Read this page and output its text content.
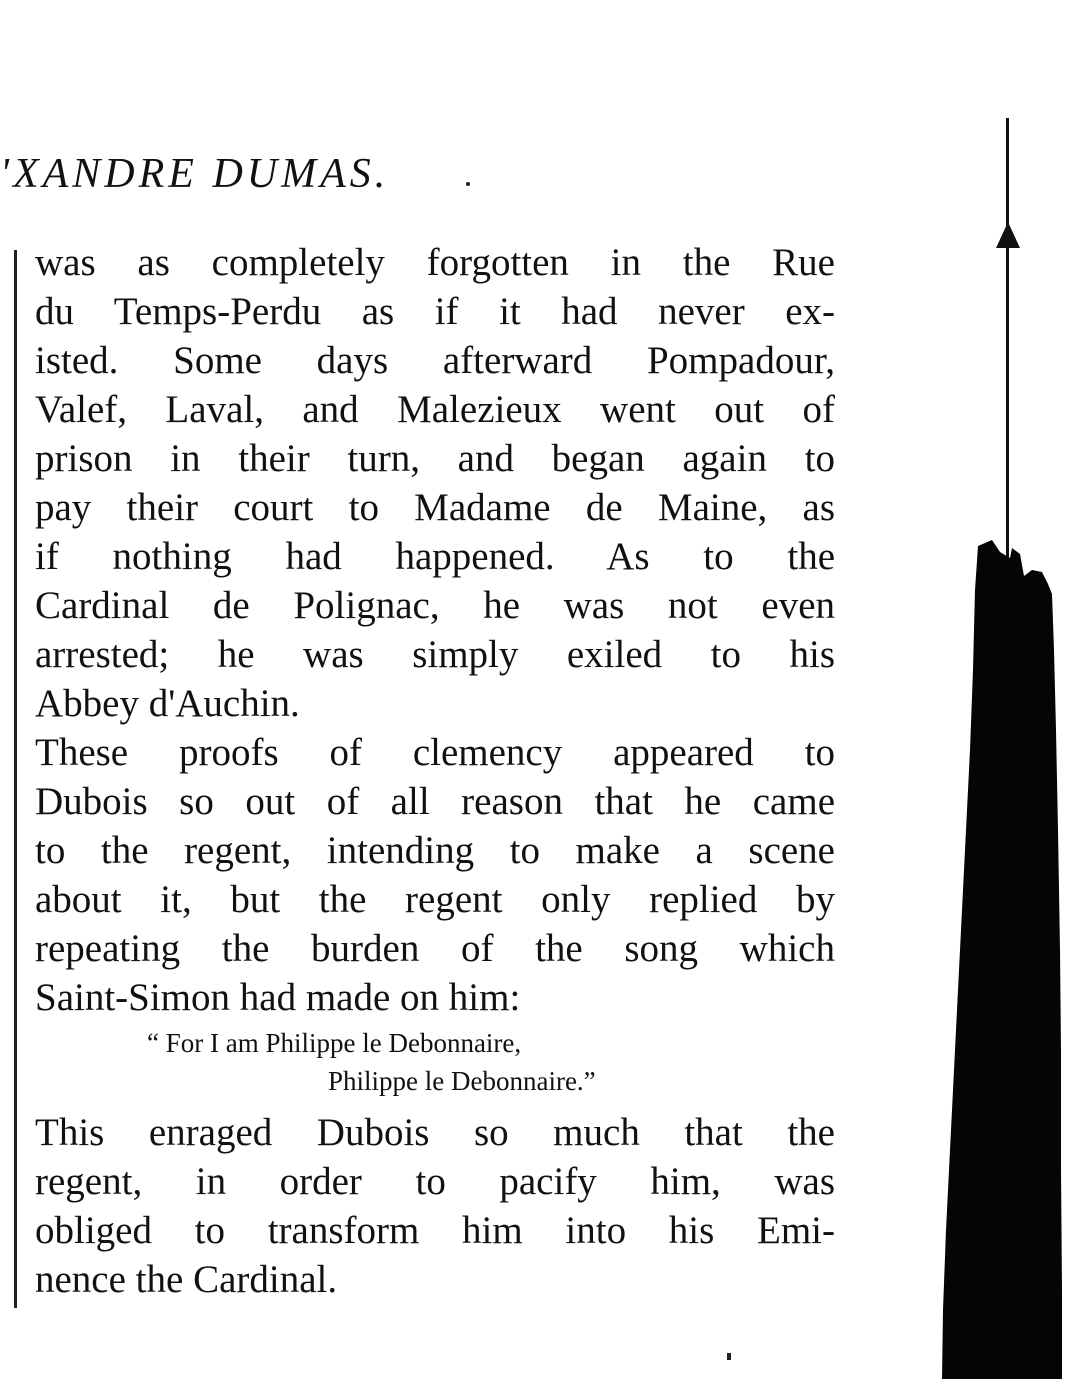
'XANDRE DUMAS.
was as completely forgotten in the Rue
du Temps-Perdu as if it had never ex-
isted. Some days afterward Pompadour,
Valef, Laval, and Malezieux went out of
prison in their turn, and began again to
pay their court to Madame de Maine, as
if nothing had happened. As to the
Cardinal de Polignac, he was not even
arrested; he was simply exiled to his
Abbey d'Auchin.
These proofs of clemency appeared to
Dubois so out of all reason that he came
to the regent, intending to make a scene
about it, but the regent only replied by
repeating the burden of the song which
Saint-Simon had made on him:
“ For I am Philippe le Debonnaire,
Philippe le Debonnaire.”
This enraged Dubois so much that the
regent, in order to pacify him, was
obliged to transform him into his Emi-
nence the Cardinal.
